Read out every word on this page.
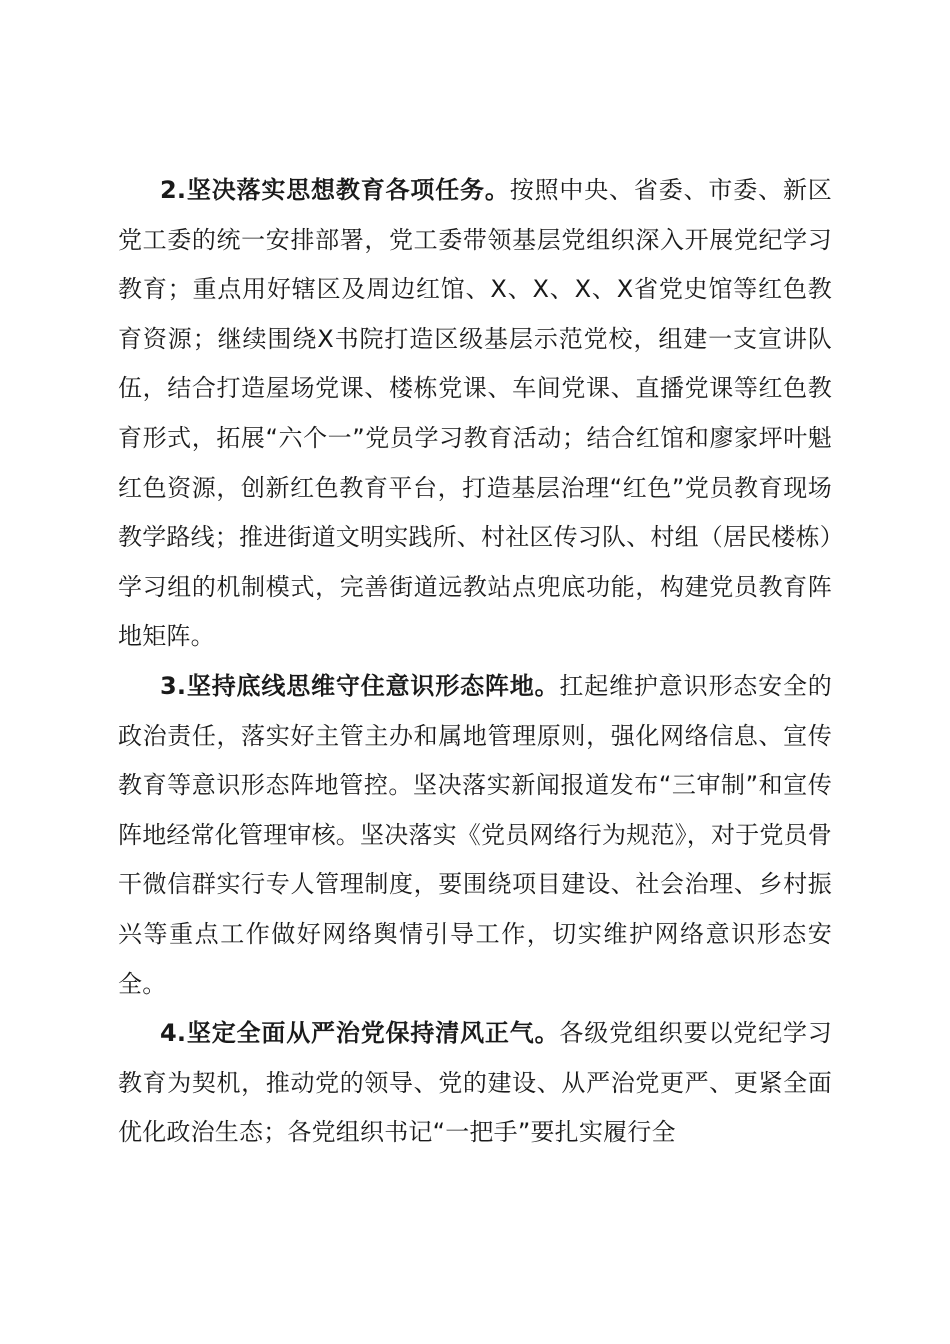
2.坚决落实思想教育各项任务。按照中央、省委、市委、新区党工委的统一安排部署，党工委带领基层党组织深入开展党纪学习教育；重点用好辖区及周边红馆、X、X、X、X省党史馆等红色教育资源；继续围绕X书院打造区级基层示范党校，组建一支宣讲队伍，结合打造屋场党课、楼栋党课、车间党课、直播党课等红色教育形式，拓展“六个一”党员学习教育活动；结合红馆和廖家坪叶魁红色资源，创新红色教育平台，打造基层治理“红色”党员教育现场教学路线；推进街道文明实践所、村社区传习队、村组（居民楼栋）学习组的机制模式，完善街道远教站点兜底功能，构建党员教育阵地矩阵。

3.坚持底线思维守住意识形态阵地。扛起维护意识形态安全的政治责任，落实好主管主办和属地管理原则，强化网络信息、宣传教育等意识形态阵地管控。坚决落实新闻报道发布“三审制”和宣传阵地经常化管理审核。坚决落实《党员网络行为规范》，对于党员骨干微信群实行专人管理制度，要围绕项目建设、社会治理、乡村振兴等重点工作做好网络舆情引导工作，切实维护网络意识形态安全。

4.坚定全面从严治党保持清风正气。各级党组织要以党纪学习教育为契机，推动党的领导、党的建设、从严治党更严、更紧全面优化政治生态；各党组织书记“一把手”要扎实履行全
